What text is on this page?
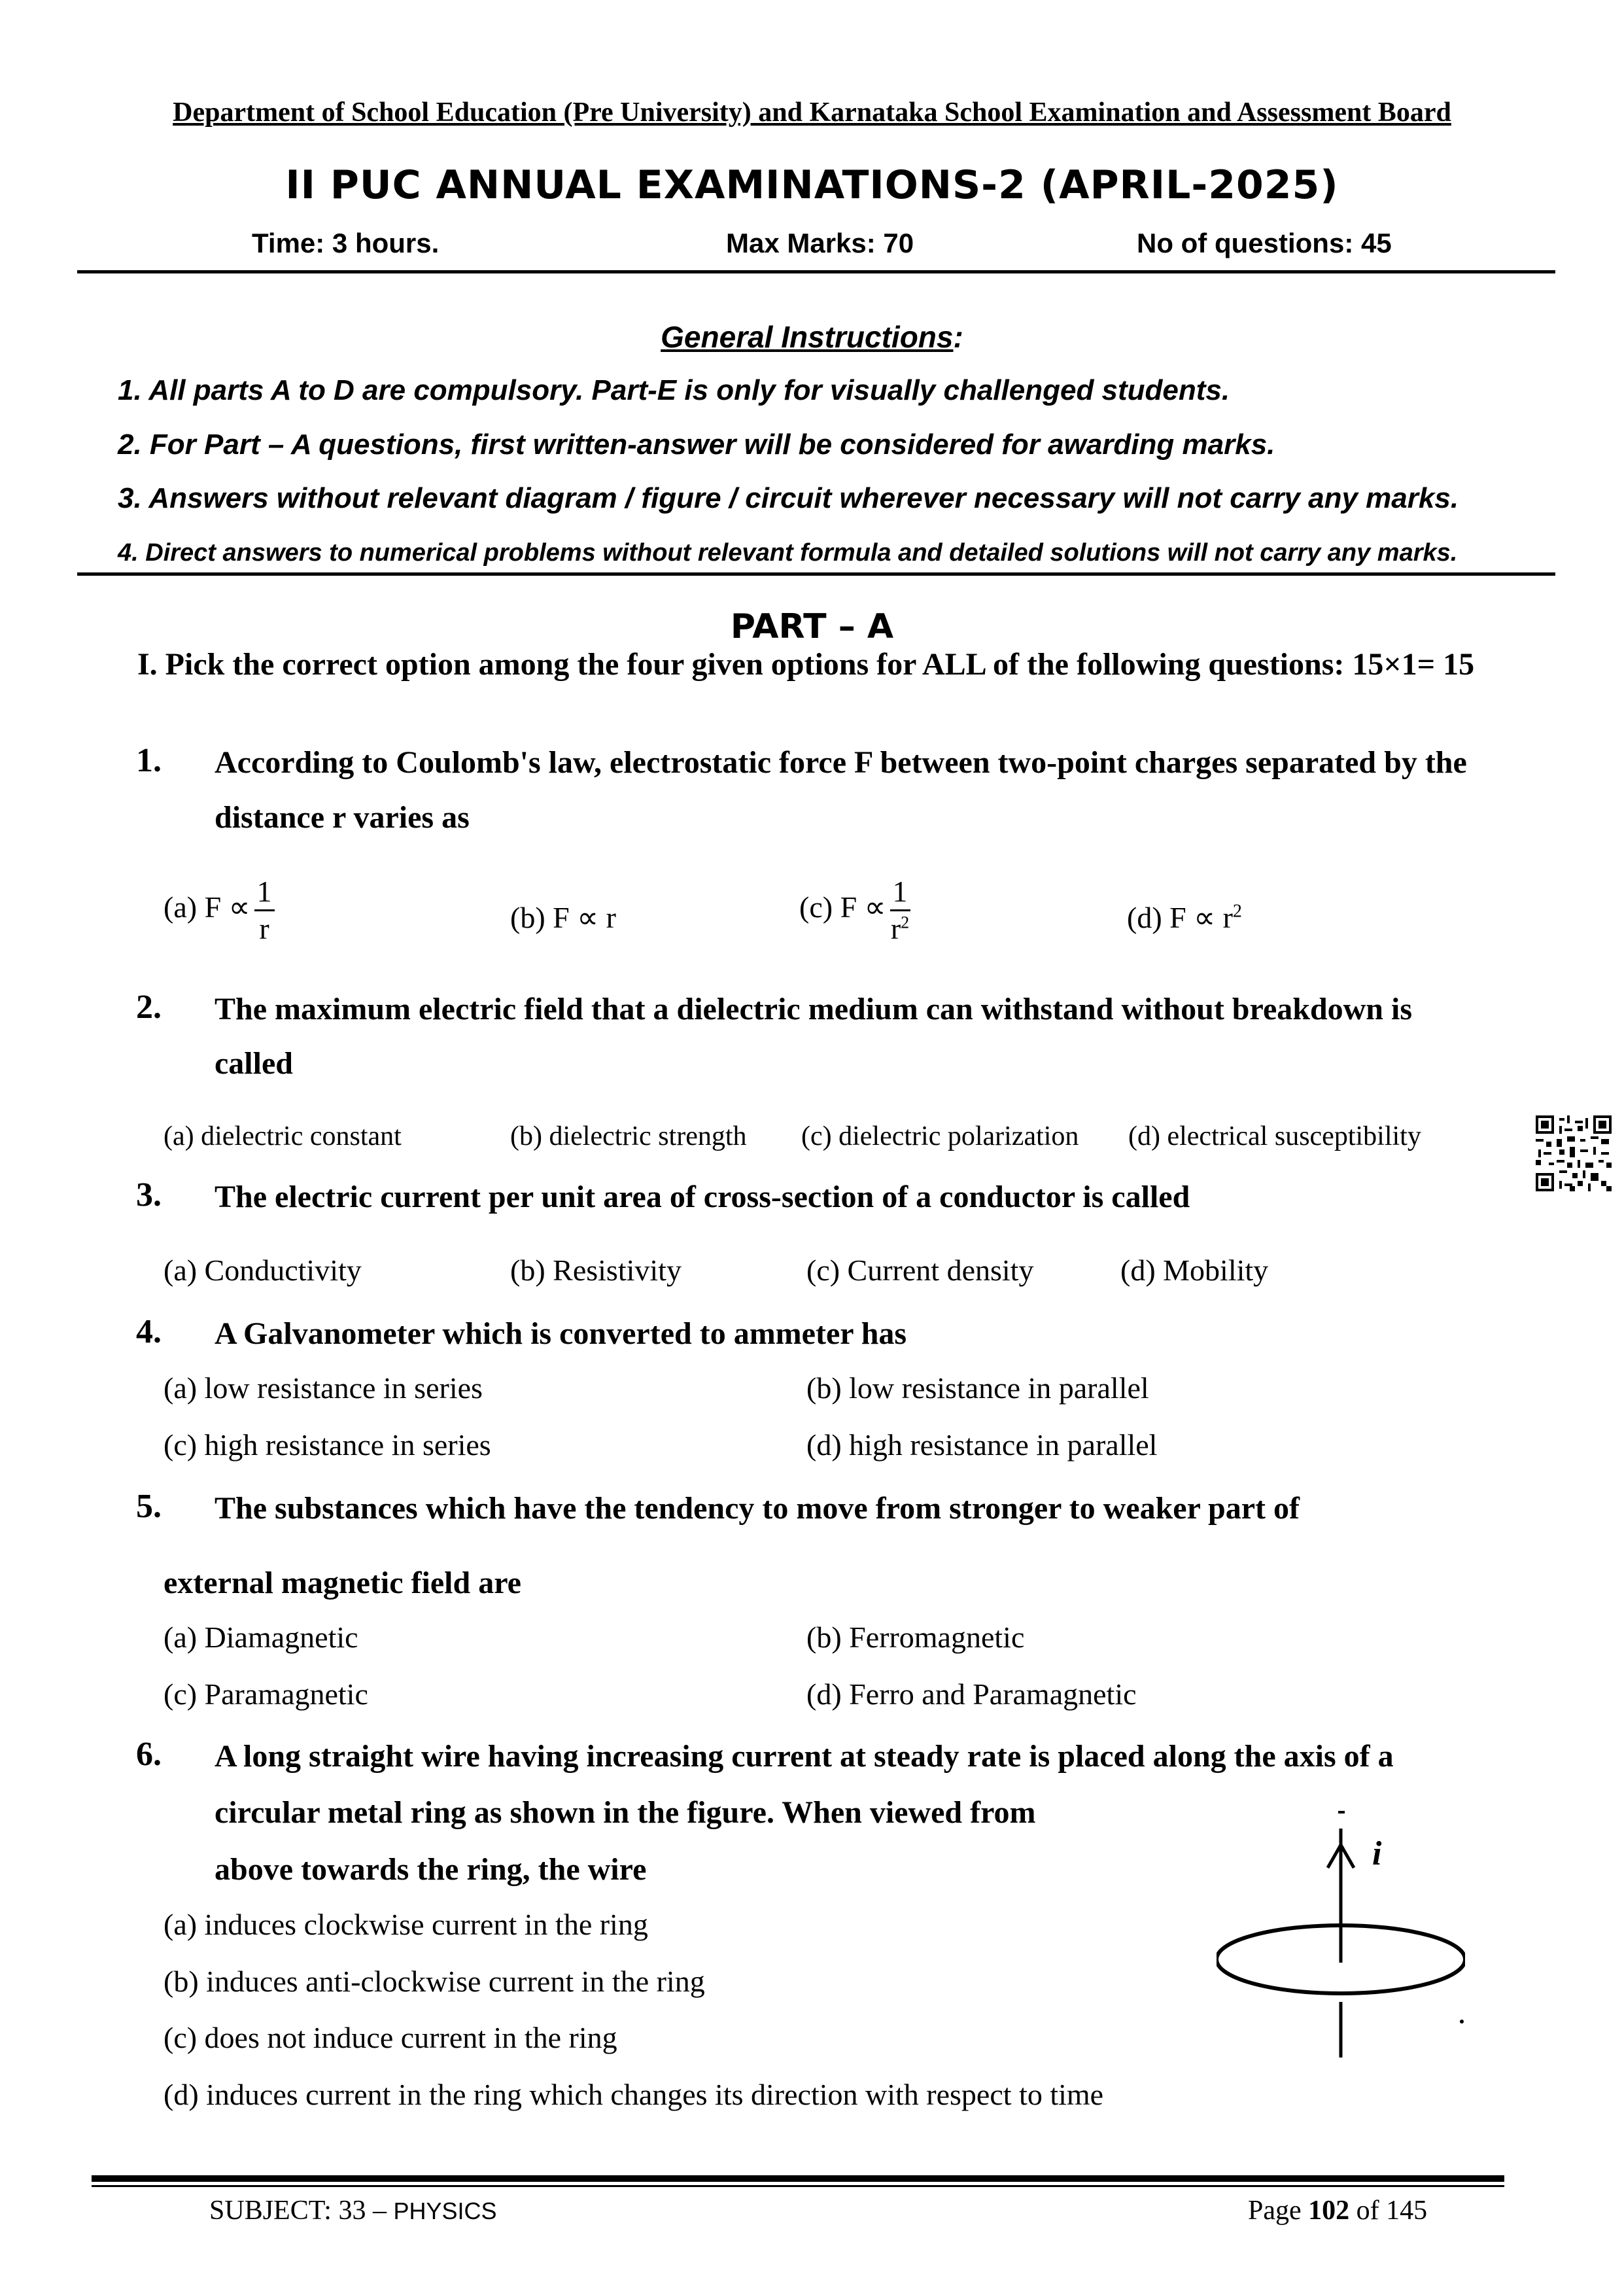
Department of School Education (Pre University) and Karnataka School Examination and Assessment Board
II PUC ANNUAL EXAMINATIONS-2 (APRIL-2025)
Time: 3 hours.	Max Marks: 70	No of questions: 45
General Instructions:
1. All parts A to D are compulsory. Part-E is only for visually challenged students.
2. For Part – A questions, first written-answer will be considered for awarding marks.
3. Answers without relevant diagram / figure / circuit wherever necessary will not carry any marks.
4. Direct answers to numerical problems without relevant formula and detailed solutions will not carry any marks.
PART – A
I. Pick the correct option among the four given options for ALL of the following questions: 15×1= 15
1. According to Coulomb's law, electrostatic force F between two-point charges separated by the
distance r varies as
(a) $F \propto \frac{1}{r}$	(b) F ∝ r	(c) $F \propto \frac{1}{r^2}$	(d) $F \propto r^2$
2. The maximum electric field that a dielectric medium can withstand without breakdown is
called
(a) dielectric constant	(b) dielectric strength (c) dielectric polarization (d) electrical susceptibility
3. The electric current per unit area of cross-section of a conductor is called
(a) Conductivity	(b) Resistivity	(c) Current density	(d) Mobility
4. A Galvanometer which is converted to ammeter has
(a) low resistance in series	(b) low resistance in parallel
(c) high resistance in series	(d) high resistance in parallel
5. The substances which have the tendency to move from stronger to weaker part of
external magnetic field are
(a) Diamagnetic	(b) Ferromagnetic
(c) Paramagnetic	(d) Ferro and Paramagnetic
6. A long straight wire having increasing current at steady rate is placed along the axis of a
circular metal ring as shown in the figure. When viewed from
above towards the ring, the wire
(a) induces clockwise current in the ring
(b) induces anti-clockwise current in the ring
(c) does not induce current in the ring
(d) induces current in the ring which changes its direction with respect to time
i
SUBJECT: 33 – PHYSICS	Page 102 of 145
